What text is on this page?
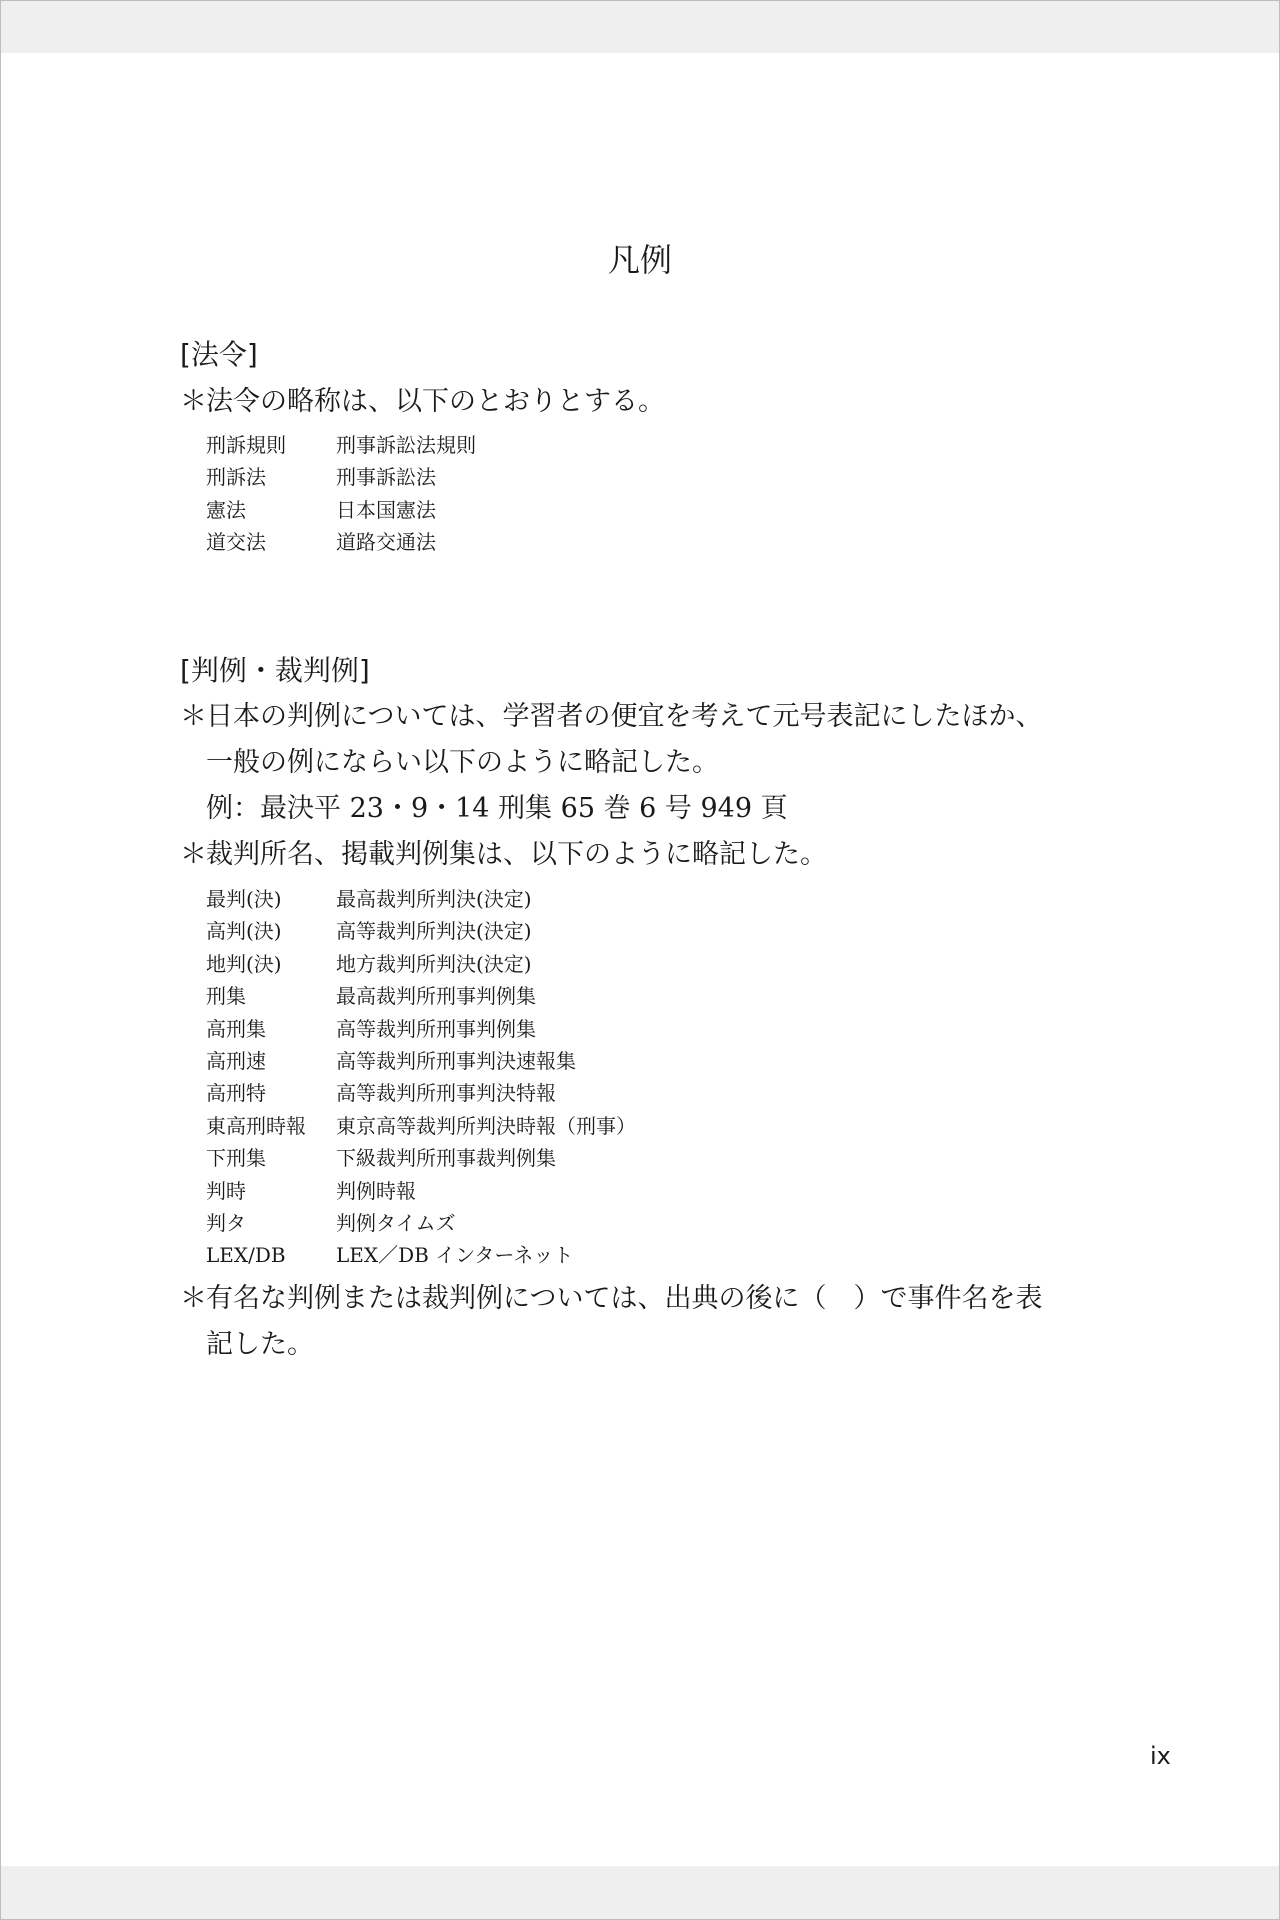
凡例
[法令]
＊法令の略称は、以下のとおりとする。
刑訴規則	刑事訴訟法規則
刑訴法	刑事訴訟法
憲法	日本国憲法
道交法	道路交通法
[判例・裁判例]
＊日本の判例については、学習者の便宜を考えて元号表記にしたほか、
一般の例にならい以下のように略記した。
例：最決平 23・9・14 刑集 65 巻 6 号 949 頁
＊裁判所名、掲載判例集は、以下のように略記した。
最判(決)	最高裁判所判決(決定)
高判(決)	高等裁判所判決(決定)
地判(決)	地方裁判所判決(決定)
刑集	最高裁判所刑事判例集
高刑集	高等裁判所刑事判例集
高刑速	高等裁判所刑事判決速報集
高刑特	高等裁判所刑事判決特報
東高刑時報	東京高等裁判所判決時報（刑事）
下刑集	下級裁判所刑事裁判例集
判時	判例時報
判タ	判例タイムズ
LEX/DB	LEX／DB インターネット
＊有名な判例または裁判例については、出典の後に（　）で事件名を表
記した。
ix
